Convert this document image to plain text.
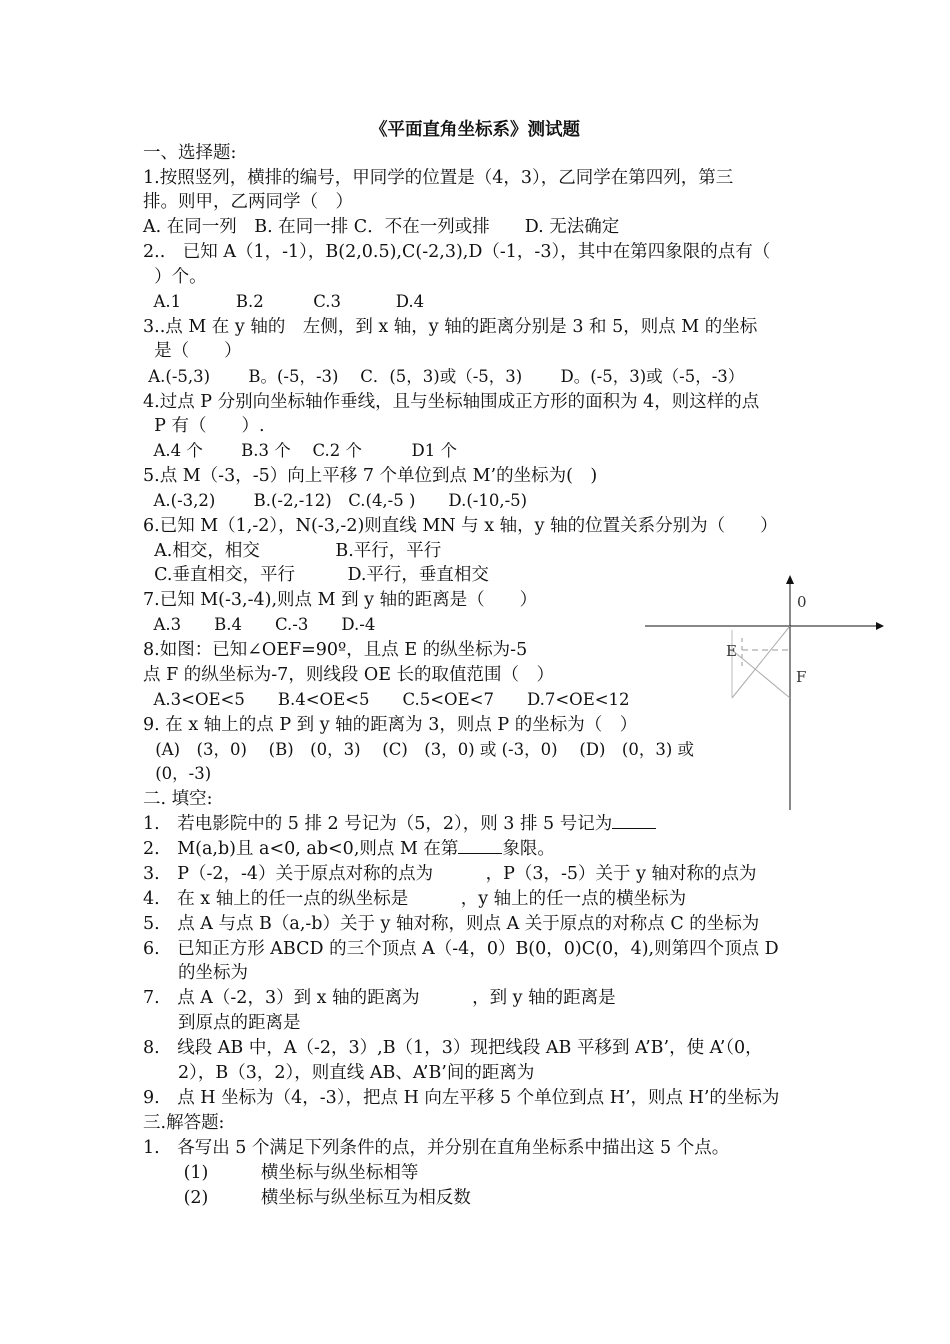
《平面直角坐标系》测试题
一、选择题:
1.按照竖列，横排的编号，甲同学的位置是（4，3），乙同学在第四列，第三
排。则甲，乙两同学（　）
A. 在同一列　B. 在同一排 C．不在一列或排　　D. 无法确定
2..　已知 A（1，-1），B(2,0.5),C(-2,3),D（-1，-3），其中在第四象限的点有（
）个。
A.1　　　 B.2　　　C.3　　　 D.4
3..点 M 在 y 轴的　左侧，到 x 轴，y 轴的距离分别是 3 和 5，则点 M 的坐标
是（　　）
A.(-5,3)　　 B。(-5，-3)　 C．(5，3)或（-5，3)　　 D。(-5，3)或（-5，-3）
4.过点 P 分别向坐标轴作垂线，且与坐标轴围成正方形的面积为 4，则这样的点
P 有（　　）.
A.4 个　　 B.3 个　 C.2 个　　　D1 个
5.点 M（-3，-5）向上平移 7 个单位到点 M’的坐标为(　)
A.(-3,2)　　 B.(-2,-12)　C.(4,-5 )　　D.(-10,-5)
6.已知 M（1,-2），N(-3,-2)则直线 MN 与 x 轴，y 轴的位置关系分别为（　　）
A.相交，相交　　　　 B.平行，平行
C.垂直相交，平行　　　D.平行，垂直相交
7.已知 M(-3,-4),则点 M 到 y 轴的距离是（　　）
A.3　　B.4　　C.-3　　D.-4
8.如图：已知∠OEF=90º，且点 E 的纵坐标为-5
点 F 的纵坐标为-7，则线段 OE 长的取值范围（　）
A.3<OE<5　　B.4<OE<5　　C.5<OE<7　　D.7<OE<12
9. 在 x 轴上的点 P 到 y 轴的距离为 3，则点 P 的坐标为（　）
(A)　(3，0)　 (B)　(0，3)　 (C)　(3，0) 或 (-3，0)　 (D)　(0，3) 或
(0，-3)
二. 填空:
1.　若电影院中的 5 排 2 号记为（5，2），则 3 排 5 号记为
2.　M(a,b)且 a<0, ab<0,则点 M 在第	象限。
3.　P（-2，-4）关于原点对称的点为　　　，P（3，-5）关于 y 轴对称的点为
4.　在 x 轴上的任一点的纵坐标是　　　，y 轴上的任一点的横坐标为
5.　点 A 与点 B（a,-b）关于 y 轴对称，则点 A 关于原点的对称点 C 的坐标为
6.　已知正方形 ABCD 的三个顶点 A（-4，0）B(0，0)C(0，4),则第四个顶点 D
　　的坐标为
7.　点 A（-2，3）到 x 轴的距离为　　　，到 y 轴的距离是
　　到原点的距离是
8.　线段 AB 中，A（-2，3）,B（1，3）现把线段 AB 平移到 A’B’，使 A’（0，
　　2），B（3，2），则直线 AB、A’B’间的距离为
9.　点 H 坐标为（4，-3），把点 H 向左平移 5 个单位到点 H’，则点 H’的坐标为
三.解答题:
1.　各写出 5 个满足下列条件的点，并分别在直角坐标系中描出这 5 个点。
　　 (1)　　　横坐标与纵坐标相等
　　 (2)　　　横坐标与纵坐标互为相反数
0
E
F
